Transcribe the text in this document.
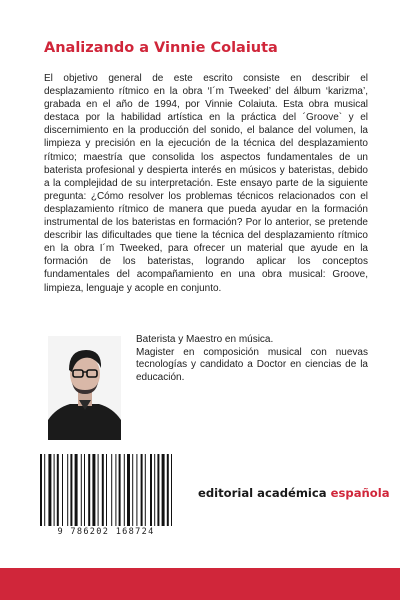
Analizando a Vinnie Colaiuta

El objetivo general de este escrito consiste en describir el desplazamiento rítmico en la obra ‘I´m Tweeked’ del álbum ‘karizma’, grabada en el año de 1994, por Vinnie Colaiuta. Esta obra musical destaca por la habilidad artística en la práctica del ´Groove` y el discernimiento en la producción del sonido, el balance del volumen, la limpieza y precisión en la ejecución de la técnica del desplazamiento rítmico; maestría que consolida los aspectos fundamentales de un baterista profesional y despierta interés en músicos y bateristas, debido a la complejidad de su interpretación. Este ensayo parte de la siguiente pregunta: ¿Cómo resolver los problemas técnicos relacionados con el desplazamiento rítmico de manera que pueda ayudar en la formación instrumental de los bateristas en formación? Por lo anterior, se pretende describir las dificultades que tiene la técnica del desplazamiento rítmico en la obra I´m Tweeked, para ofrecer un material que ayude en la formación de los bateristas, logrando aplicar los conceptos fundamentales del acompañamiento en una obra musical: Groove, limpieza, lenguaje y acople en conjunto.

Baterista y Maestro en música.

Magister en composición musical con nuevas tecnologías y candidato a Doctor en ciencias de la educación.

9 786202 168724
editorial académica española
